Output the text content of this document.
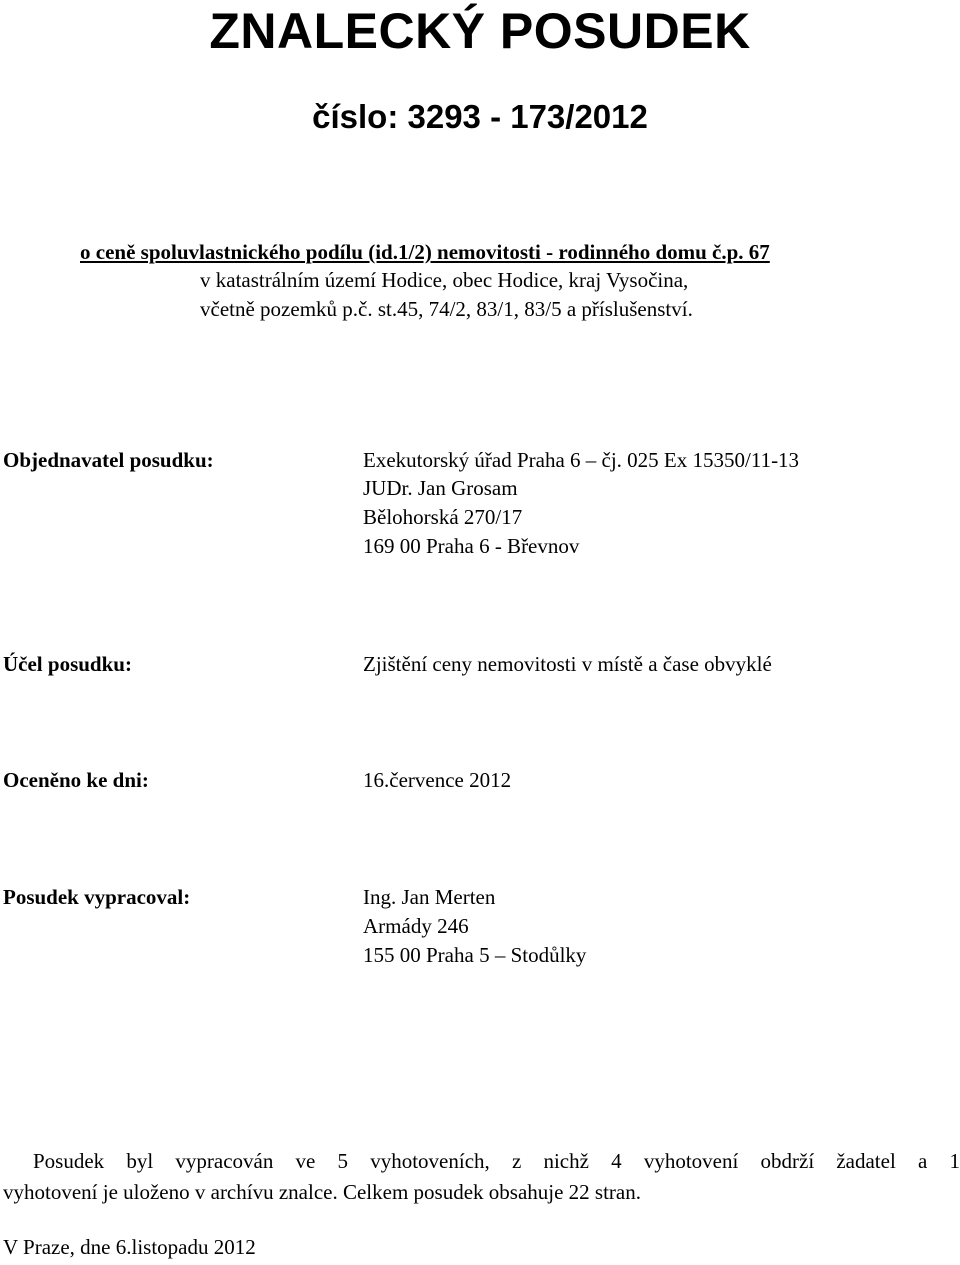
ZNALECKÝ POSUDEK
číslo: 3293 - 173/2012
o ceně spoluvlastnického podílu (id.1/2) nemovitosti - rodinného domu č.p. 67
v katastrálním území Hodice, obec Hodice, kraj Vysočina,
včetně pozemků p.č. st.45, 74/2, 83/1, 83/5 a příslušenství.
Objednavatel posudku:	Exekutorský úřad Praha 6 – čj. 025 Ex 15350/11-13
JUDr. Jan Grosam
Bělohorská 270/17
169 00 Praha 6 - Břevnov
Účel posudku:	Zjištění ceny nemovitosti v místě a čase obvyklé
Oceněno ke dni:	16.července 2012
Posudek vypracoval:	Ing. Jan Merten
Armády 246
155 00 Praha 5 – Stodůlky
Posudek byl vypracován ve 5 vyhotoveních, z nichž 4 vyhotovení obdrží žadatel a 1
vyhotovení je uloženo v archívu znalce. Celkem posudek obsahuje 22 stran.
V Praze, dne 6.listopadu 2012
